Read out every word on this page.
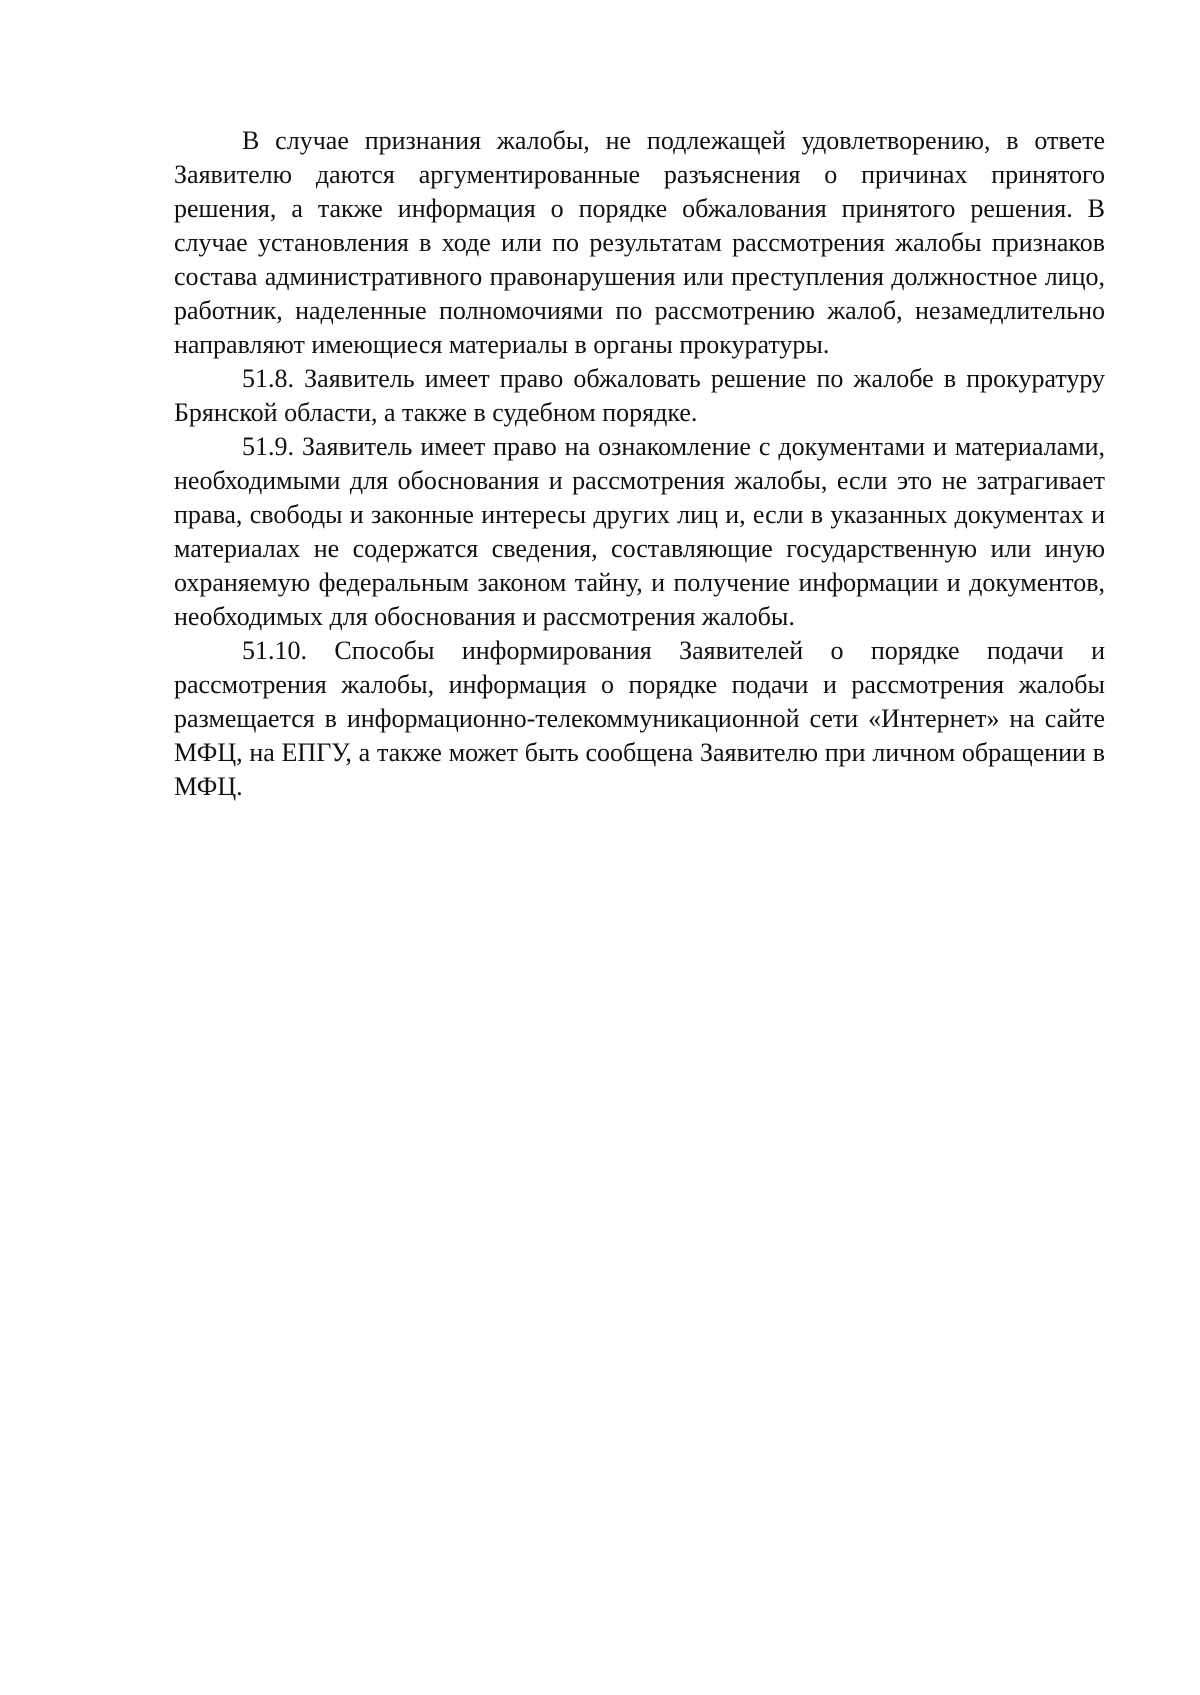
В случае признания жалобы, не подлежащей удовлетворению, в ответе Заявителю даются аргументированные разъяснения о причинах принятого решения, а также информация о порядке обжалования принятого решения. В случае установления в ходе или по результатам рассмотрения жалобы признаков состава административного правонарушения или преступления должностное лицо, работник, наделенные полномочиями по рассмотрению жалоб, незамедлительно направляют имеющиеся материалы в органы прокуратуры.

51.8. Заявитель имеет право обжаловать решение по жалобе в прокуратуру Брянской области, а также в судебном порядке.

51.9. Заявитель имеет право на ознакомление с документами и материалами, необходимыми для обоснования и рассмотрения жалобы, если это не затрагивает права, свободы и законные интересы других лиц и, если в указанных документах и материалах не содержатся сведения, составляющие государственную или иную охраняемую федеральным законом тайну, и получение информации и документов, необходимых для обоснования и рассмотрения жалобы.

51.10. Способы информирования Заявителей о порядке подачи и рассмотрения жалобы, информация о порядке подачи и рассмотрения жалобы размещается в информационно-телекоммуникационной сети «Интернет» на сайте МФЦ, на ЕПГУ, а также может быть сообщена Заявителю при личном обращении в МФЦ.
